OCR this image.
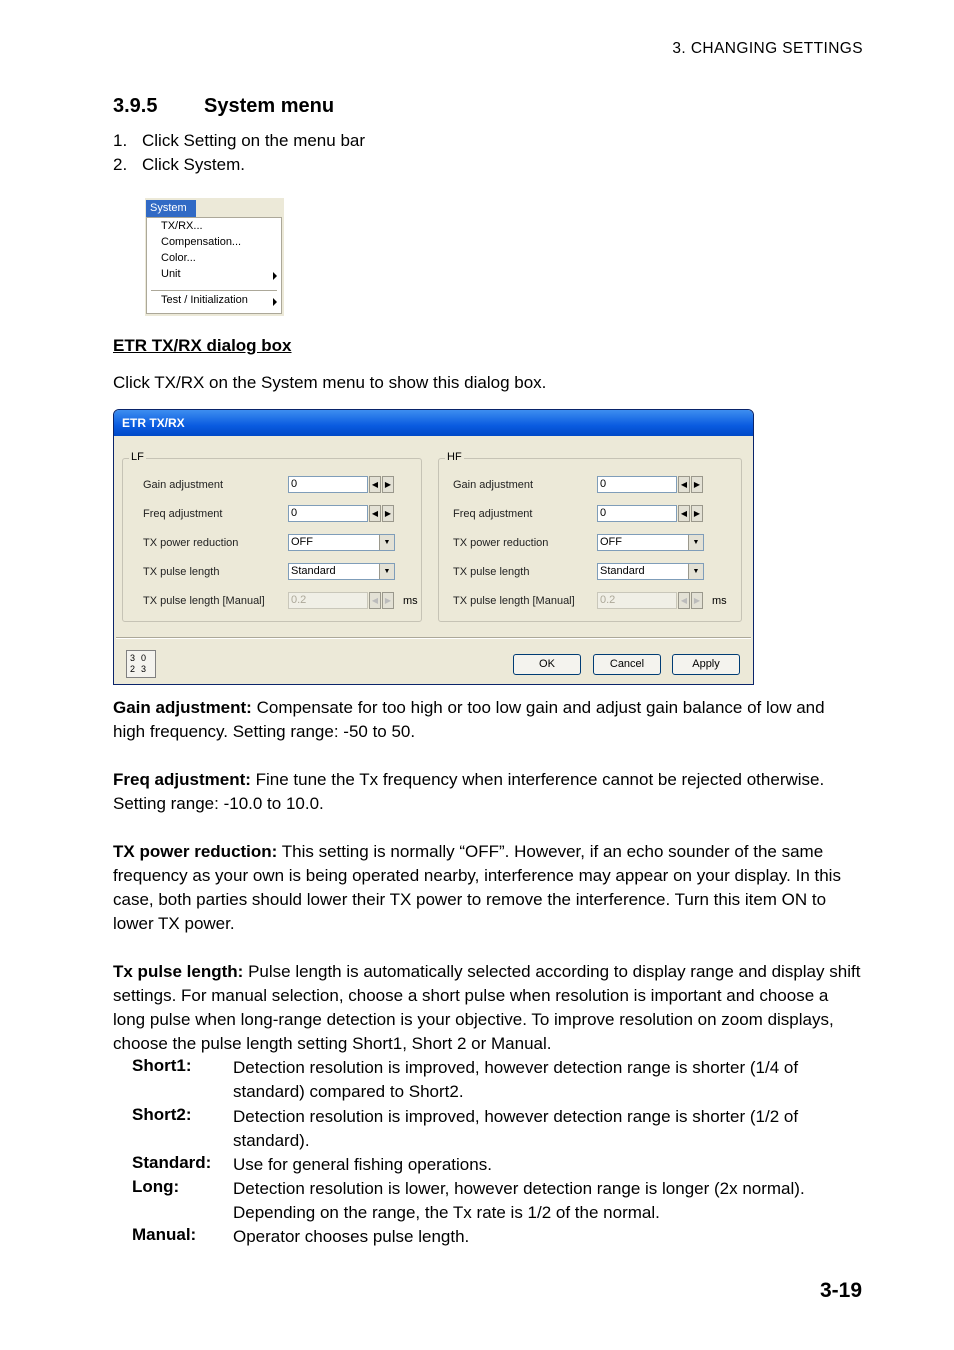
3. CHANGING SETTINGS
3.9.5 System menu
1. Click Setting on the menu bar
2. Click System.
System
TX/RX...
Compensation...
Color...
Unit
Test / Initialization
ETR TX/RX dialog box
Click TX/RX on the System menu to show this dialog box.
ETR TX/RX
LF
Gain adjustment	0	◀ ▶
Freq adjustment	0	◀ ▶
TX power reduction	OFF	▼
TX pulse length	Standard	▼
TX pulse length [Manual] 0.2	◀ ▶ ms
HF
Gain adjustment	0	◀ ▶
Freq adjustment	0	◀ ▶
TX power reduction	OFF	▼
TX pulse length	Standard	▼
TX pulse length [Manual] 0.2	◀ ▶ ms
3 0
2 3	OK	Cancel	Apply
Gain adjustment: Compensate for too high or too low gain and adjust gain balance of low and high frequency. Setting range: -50 to 50.
Freq adjustment: Fine tune the Tx frequency when interference cannot be rejected otherwise. Setting range: -10.0 to 10.0.
TX power reduction: This setting is normally “OFF”. However, if an echo sounder of the same frequency as your own is being operated nearby, interference may appear on your display. In this case, both parties should lower their TX power to remove the interference. Turn this item ON to lower TX power.
Tx pulse length: Pulse length is automatically selected according to display range and display shift settings. For manual selection, choose a short pulse when resolution is important and choose a long pulse when long-range detection is your objective. To improve resolution on zoom displays, choose the pulse length setting Short1, Short 2 or Manual.
Short1: Detection resolution is improved, however detection range is shorter (1/4 of standard) compared to Short2.
Short2: Detection resolution is improved, however detection range is shorter (1/2 of standard).
Standard: Use for general fishing operations.
Long:	Detection resolution is lower, however detection range is longer (2x normal). Depending on the range, the Tx rate is 1/2 of the normal.
Manual: Operator chooses pulse length.
3-19
